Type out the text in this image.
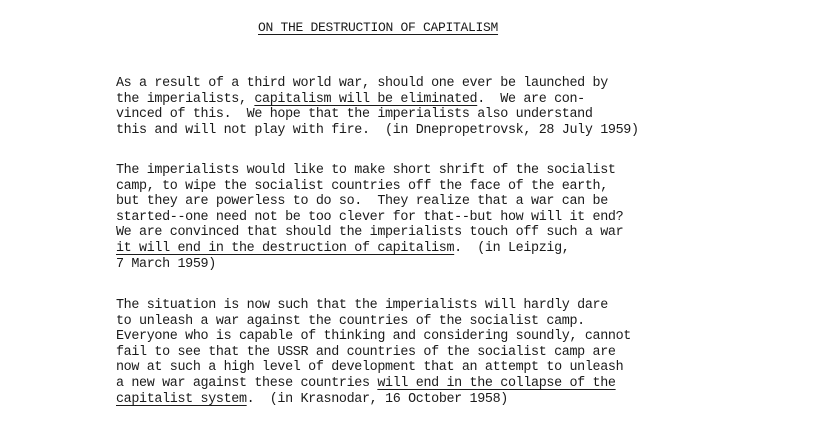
ON THE DESTRUCTION OF CAPITALISM
As a result of a third world war, should one ever be launched by
the imperialists, capitalism will be eliminated.  We are con-
vinced of this.  We hope that the imperialists also understand
this and will not play with fire.  (in Dnepropetrovsk, 28 July 1959)
The imperialists would like to make short shrift of the socialist
camp, to wipe the socialist countries off the face of the earth,
but they are powerless to do so.  They realize that a war can be
started--one need not be too clever for that--but how will it end?
We are convinced that should the imperialists touch off such a war
it will end in the destruction of capitalism.  (in Leipzig,
7 March 1959)
The situation is now such that the imperialists will hardly dare
to unleash a war against the countries of the socialist camp.
Everyone who is capable of thinking and considering soundly, cannot
fail to see that the USSR and countries of the socialist camp are
now at such a high level of development that an attempt to unleash
a new war against these countries will end in the collapse of the
capitalist system.  (in Krasnodar, 16 October 1958)
